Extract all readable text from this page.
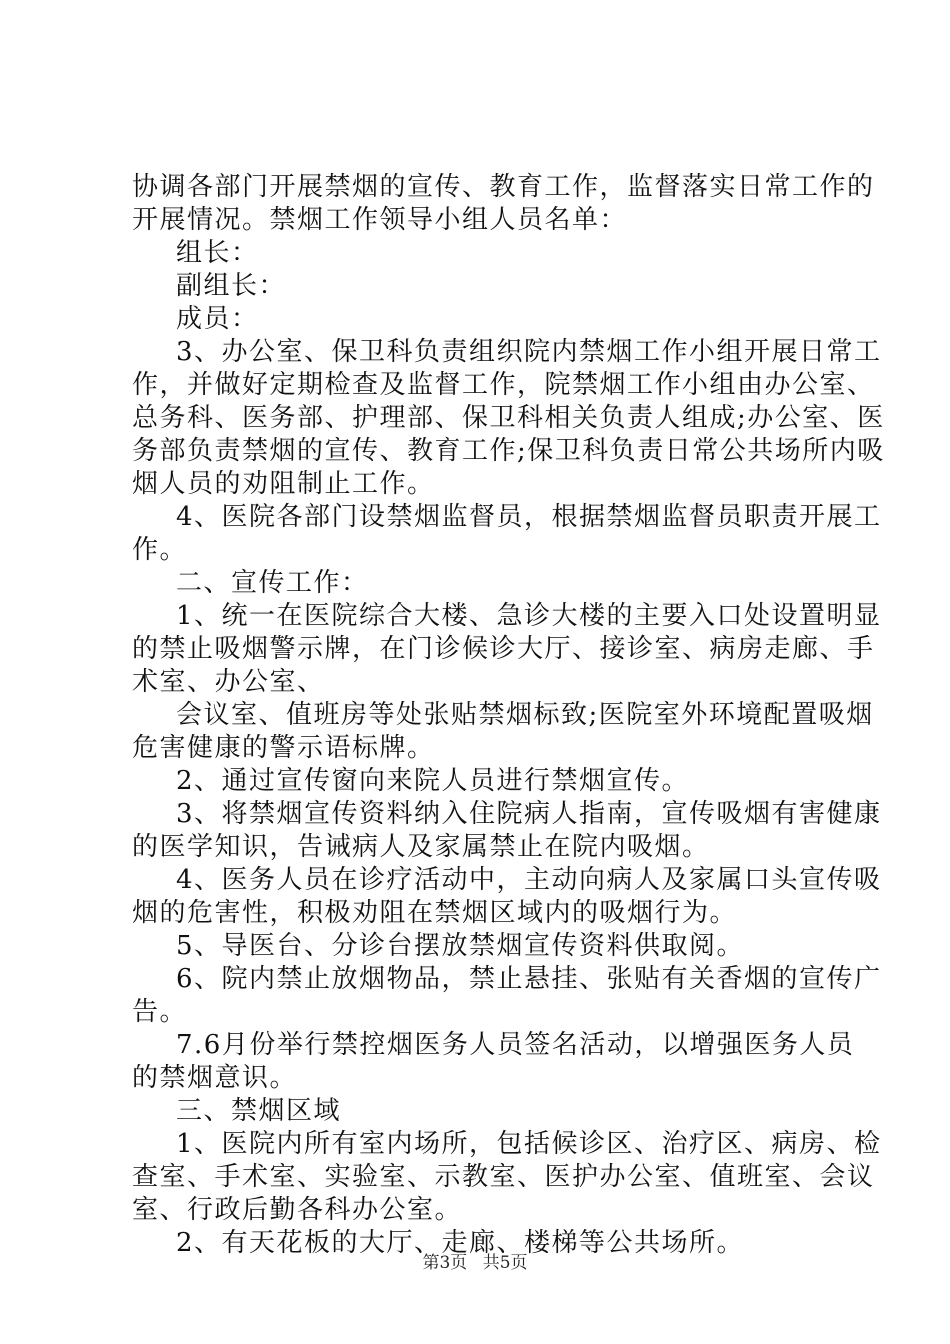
协调各部门开展禁烟的宣传、教育工作，监督落实日常工作的
开展情况。禁烟工作领导小组人员名单：
组长：
副组长：
成员：
3、办公室、保卫科负责组织院内禁烟工作小组开展日常工
作，并做好定期检查及监督工作，院禁烟工作小组由办公室、
总务科、医务部、护理部、保卫科相关负责人组成;办公室、医
务部负责禁烟的宣传、教育工作;保卫科负责日常公共场所内吸
烟人员的劝阻制止工作。
4、医院各部门设禁烟监督员，根据禁烟监督员职责开展工
作。
二、宣传工作：
1、统一在医院综合大楼、急诊大楼的主要入口处设置明显
的禁止吸烟警示牌，在门诊候诊大厅、接诊室、病房走廊、手
术室、办公室、
会议室、值班房等处张贴禁烟标致;医院室外环境配置吸烟
危害健康的警示语标牌。
2、通过宣传窗向来院人员进行禁烟宣传。
3、将禁烟宣传资料纳入住院病人指南，宣传吸烟有害健康
的医学知识，告诫病人及家属禁止在院内吸烟。
4、医务人员在诊疗活动中，主动向病人及家属口头宣传吸
烟的危害性，积极劝阻在禁烟区域内的吸烟行为。
5、导医台、分诊台摆放禁烟宣传资料供取阅。
6、院内禁止放烟物品，禁止悬挂、张贴有关香烟的宣传广
告。
7.6月份举行禁控烟医务人员签名活动，以增强医务人员
的禁烟意识。
三、禁烟区域
1、医院内所有室内场所，包括候诊区、治疗区、病房、检
查室、手术室、实验室、示教室、医护办公室、值班室、会议
室、行政后勤各科办公室。
2、有天花板的大厅、走廊、楼梯等公共场所。
第3页 共5页
